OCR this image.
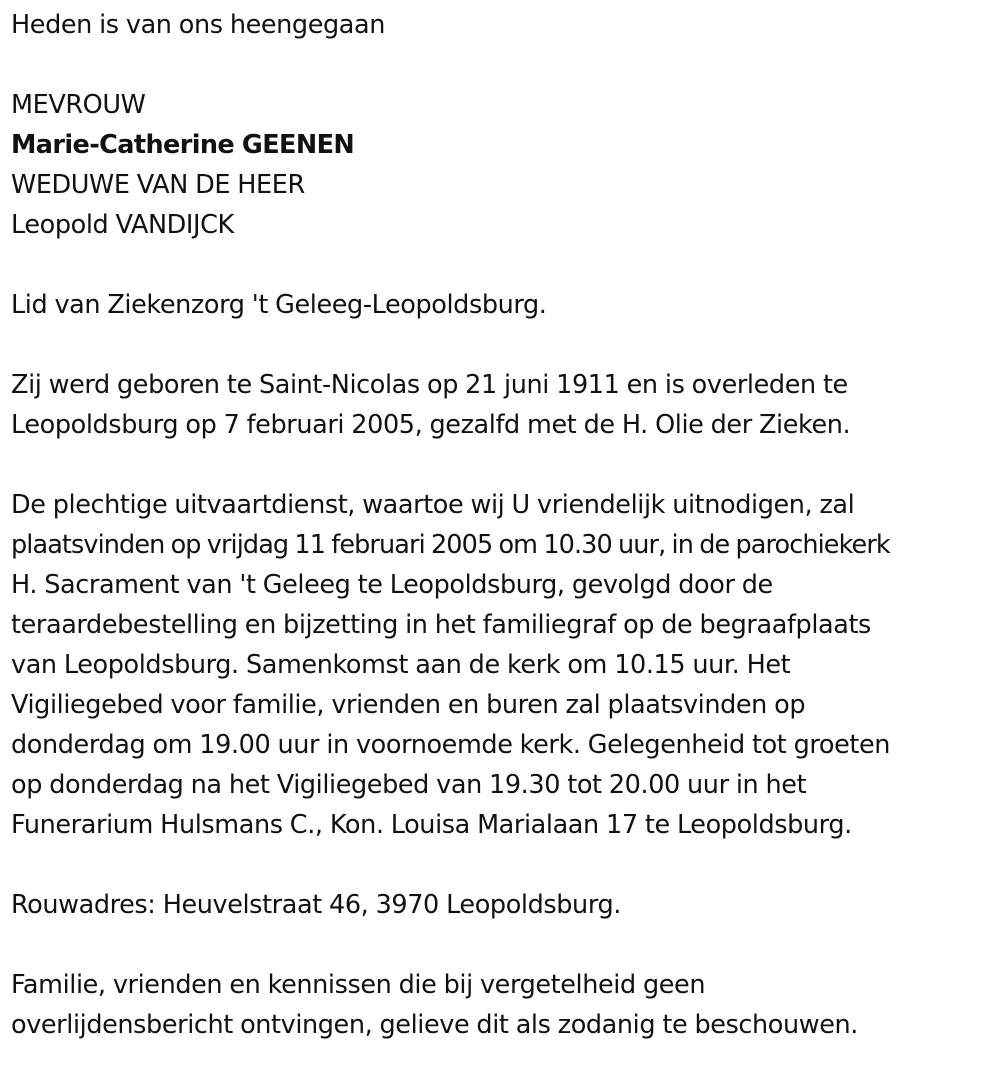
Heden is van ons heengegaan
MEVROUW
Marie-Catherine GEENEN
WEDUWE VAN DE HEER
Leopold VANDIJCK
Lid van Ziekenzorg 't Geleeg-Leopoldsburg.
Zij werd geboren te Saint-Nicolas op 21 juni 1911 en is overleden te
Leopoldsburg op 7 februari 2005, gezalfd met de H. Olie der Zieken.
De plechtige uitvaartdienst, waartoe wij U vriendelijk uitnodigen, zal
plaatsvinden op vrijdag 11 februari 2005 om 10.30 uur, in de parochiekerk
H. Sacrament van 't Geleeg te Leopoldsburg, gevolgd door de
teraardebestelling en bijzetting in het familiegraf op de begraafplaats
van Leopoldsburg. Samenkomst aan de kerk om 10.15 uur. Het
Vigiliegebed voor familie, vrienden en buren zal plaatsvinden op
donderdag om 19.00 uur in voornoemde kerk. Gelegenheid tot groeten
op donderdag na het Vigiliegebed van 19.30 tot 20.00 uur in het
Funerarium Hulsmans C., Kon. Louisa Marialaan 17 te Leopoldsburg.
Rouwadres: Heuvelstraat 46, 3970 Leopoldsburg.
Familie, vrienden en kennissen die bij vergetelheid geen
overlijdensbericht ontvingen, gelieve dit als zodanig te beschouwen.
